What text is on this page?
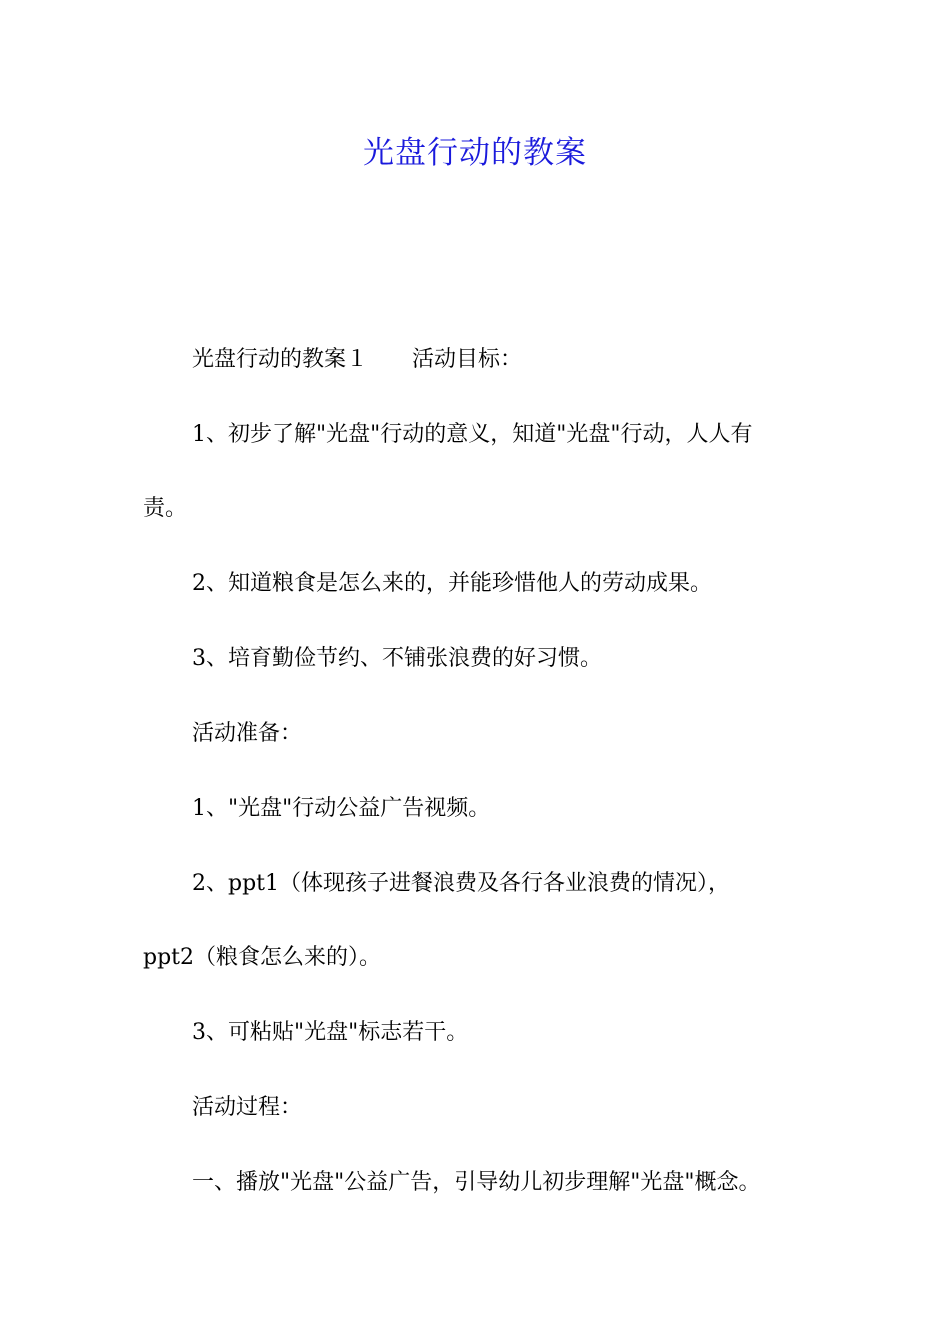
光盘行动的教案
光盘行动的教案１ 活动目标：
1、初步了解"光盘"行动的意义，知道"光盘"行动，人人有
责。
2、知道粮食是怎么来的，并能珍惜他人的劳动成果。
3、培育勤俭节约、不铺张浪费的好习惯。
活动准备：
1、"光盘"行动公益广告视频。
2、ppt1（体现孩子进餐浪费及各行各业浪费的情况），
ppt2（粮食怎么来的）。
3、可粘贴"光盘"标志若干。
活动过程：
一、播放"光盘"公益广告，引导幼儿初步理解"光盘"概念。
